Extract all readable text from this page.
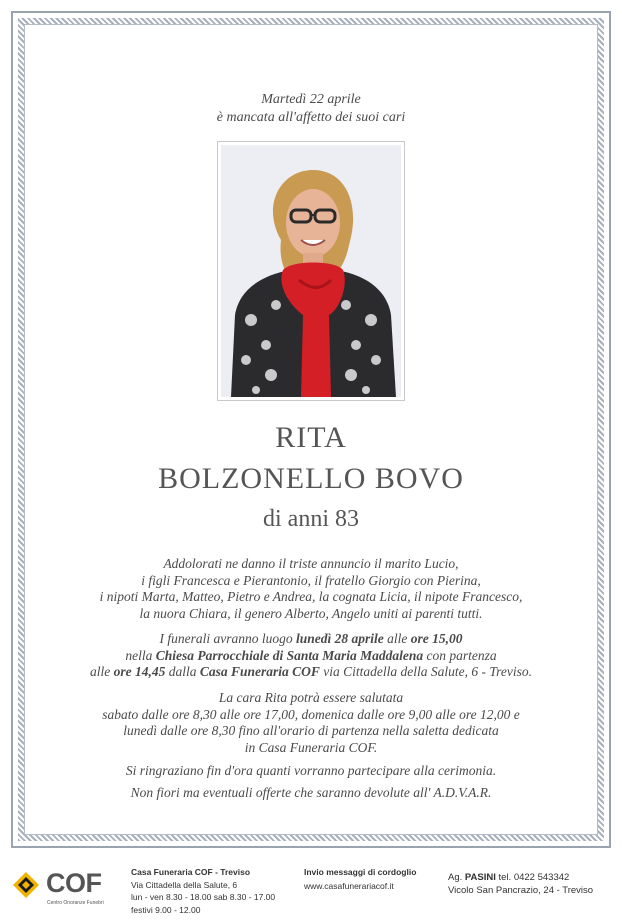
Martedì 22 aprile
è mancata all'affetto dei suoi cari
RITA
BOLZONELLO BOVO
di anni 83
Addolorati ne danno il triste annuncio il marito Lucio,
i figli Francesca e Pierantonio, il fratello Giorgio con Pierina,
i nipoti Marta, Matteo, Pietro e Andrea, la cognata Licia, il nipote Francesco,
la nuora Chiara, il genero Alberto, Angelo uniti ai parenti tutti.
I funerali avranno luogo lunedì 28 aprile alle ore 15,00
nella Chiesa Parrocchiale di Santa Maria Maddalena con partenza
alle ore 14,45 dalla Casa Funeraria COF via Cittadella della Salute, 6 - Treviso.
La cara Rita potrà essere salutata
sabato dalle ore 8,30 alle ore 17,00, domenica dalle ore 9,00 alle ore 12,00 e
lunedì dalle ore 8,30 fino all'orario di partenza nella saletta dedicata
in Casa Funeraria COF.
Si ringraziano fin d'ora quanti vorranno partecipare alla cerimonia.
Non fiori ma eventuali offerte che saranno devolute all' A.D.V.A.R.
COF
Centro Onoranze Funebri
Casa Funeraria COF - Treviso
Via Cittadella della Salute, 6
lun - ven 8.30 - 18.00 sab 8.30 - 17.00
festivi 9.00 - 12.00
Invio messaggi di cordoglio
www.casafunerariacof.it
Ag. PASINI tel. 0422 543342
Vicolo San Pancrazio, 24 - Treviso
